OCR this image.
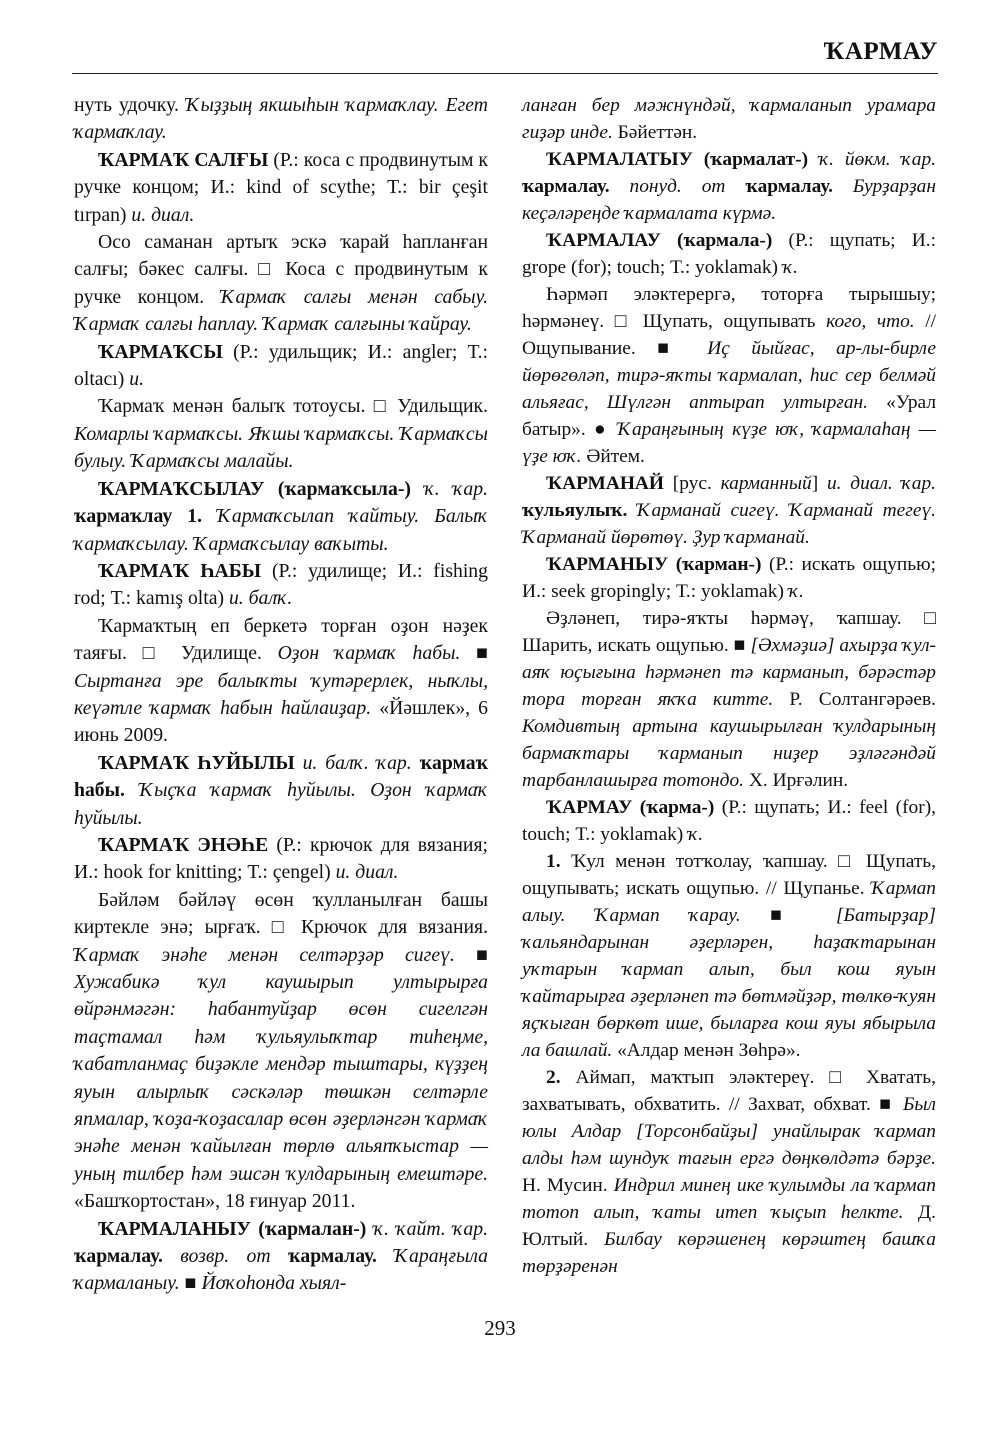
ҠАРМАУ

нуть удочку. Ҡыҙҙың якшыһын ҡармаҡлау. Егет ҡармаҡлау.

ҠАРМАҠ САЛҒЫ (Р.: коса с продвинутым к ручке концом; И.: kind of scythe; Т.: bir çeşit tırpan) и. диал.

Осо саманан артыҡ эскә ҡарай һапланған салғы; бәкес салғы. □ Коса с продвинутым к ручке концом. Ҡармаҡ салғы менән сабыу. Ҡармаҡ салғы һаплау. Ҡармаҡ салғыны ҡайрау.

ҠАРМАҠСЫ (Р.: удильщик; И.: angler; Т.: oltacı) и.

Ҡармаҡ менән балыҡ тотоусы. □ Удильщик. Комарлы ҡармаҡсы. Яҡшы ҡармаҡсы. Ҡармаҡсы булыу. Ҡармаҡсы малайы.

ҠАРМАҠСЫЛАУ (ҡармаҡсыла-) ҡ. ҡар. ҡармаҡлау 1. Ҡармаҡсылап ҡайтыу. Балыҡ ҡармаҡсылау. Ҡармаҡсылау ваҡыты.

ҠАРМАҠ ҺАБЫ (Р.: удилище; И.: fishing rod; Т.: kamış olta) и. балҡ.

Ҡармаҡтың еп беркетә торған оҙон нәҙек таяғы. □ Удилище. Оҙон ҡармаҡ һабы. ■ Сыртанға эре балыҡты ҡутәрерлек, ныҡлы, кеүәтле ҡармаҡ һабын һайлаиҙар. «Йәшлек», 6 июнь 2009.

ҠАРМАҠ ҺУЙЫЛЫ и. балҡ. ҡар. ҡармаҡ һабы. Ҡыҫҡа ҡармаҡ һуйылы. Оҙон ҡармаҡ һуйылы.

ҠАРМАҠ ЭНӘҺЕ (Р.: крючок для вязания; И.: hook for knitting; Т.: çengel) и. диал.

Бәйләм бәйләү өсөн ҡулланылған башы киртекле энә; ырғаҡ. □ Крючок для вязания. Ҡармаҡ энәһе менән селтәрҙәр сигеү. ■ Хужабикә ҡул каушырып ултырырға өйрәнмәгән: һабантуйҙар өсөн сигелгән таҫтамал һәм ҡульяулыҡтар тиһеңме, ҡабатланмаҫ биҙәкле мендәр тыштары, күҙҙең яуын алырлыҡ сәскәләр төшкән селтәрле япмалар, ҡоҙа-ҡоҙасалар өсөн әҙерләнгән ҡармаҡ энәһе менән ҡайылған төрлө альяпҡыстар — уның тилбер һәм эшсән ҡулдарының емештәре. «Башҡортостан», 18 ғинуар 2011.

ҠАРМАЛАНЫУ (ҡармалан-) ҡ. ҡайт. ҡар. ҡармалау. возвр. от ҡармалау. Ҡараңғыла ҡармаланыу. ■ Йоҡоһонда хыял-

ланған бер мәжнүндәй, ҡармаланып урамара гиҙәр инде. Бәйеттән.

ҠАРМАЛАТЫУ (ҡармалат-) ҡ. йөкм. ҡар. ҡармалау. понуд. от ҡармалау. Бурҙарҙан кеҫәләреңде ҡармалата күрмә.

ҠАРМАЛАУ (ҡармала-) (Р.: щупать; И.: grope (for); touch; Т.: yoklamak) ҡ.

Һәрмәп эләктерергә, тоторға тырышыу; һәрмәнеү. □ Щупать, ощупывать кого, что. // Ощупывание. ■ Иҫ йыйғас, ар-лы-бирле йөрөгөләп, тирә-яҡты ҡармалап, һис сер белмәй альяғас, Шүлгән аптырап ултырған. «Урал батыр». ● Ҡараңғының күҙе юҡ, ҡармалаһаң — үҙе юҡ. Әйтем.

ҠАРМАНАЙ [рус. карманный] и. диал. ҡар. ҡульяулыҡ. Ҡарманай сигеү. Ҡарманай тегеү. Ҡарманай йөрөтөү. Ҙур ҡарманай.

ҠАРМАНЫУ (ҡарман-) (Р.: искать ощупью; И.: seek gropingly; Т.: yoklamak) ҡ.

Әҙләнеп, тирә-яҡты һәрмәү, ҡапшау. □ Шарить, искать ощупью. ■ [Әхмәҙиә] ахырҙа ҡул-аяҡ юҫығына һәрмәнеп тә карманып, бәрәстәр тора торған яҡҡа китте. Р. Солтангәрәев. Комдивтың артына каушырылған ҡулдарының бармаҡтары ҡарманып ниҙер эҙләгәндәй тарбанлашырға тотондо. Х. Ирғәлин.

ҠАРМАУ (ҡарма-) (Р.: щупать; И.: feel (for), touch; Т.: yoklamak) ҡ.

1. Ҡул менән тотҡолау, ҡапшау. □ Щупать, ощупывать; искать ощупью. // Щупанье. Ҡармап алыу. Ҡармап ҡарау. ■ [Батырҙар] ҡальяндарынан әҙерләрен, һаҙаҡтарынан уҡтарын ҡармап алып, был кош яуын ҡайтарырға әҙерләнеп тә бөтмәйҙәр, төлкө-ҡуян яҫҡыған бөркөт ише, быларға кош яуы ябырыла ла башлай. «Алдар менән Зөһрә».

2. Аймап, маҡтып эләктереү. □ Хватать, захватывать, обхватить. // Захват, обхват. ■ Был юлы Алдар [Торсонбайҙы] унайлырак ҡармап алды һәм шундуҡ тағын ергә дөңкөлдәтә бәрҙе. Н. Мусин. Индрил минең ике ҡулымды ла ҡармап тотоп алып, ҡаты итеп ҡыҫып һелкте. Д. Юлтый. Билбау көрәшенең көрәштең башҡа төрҙәренән

293
